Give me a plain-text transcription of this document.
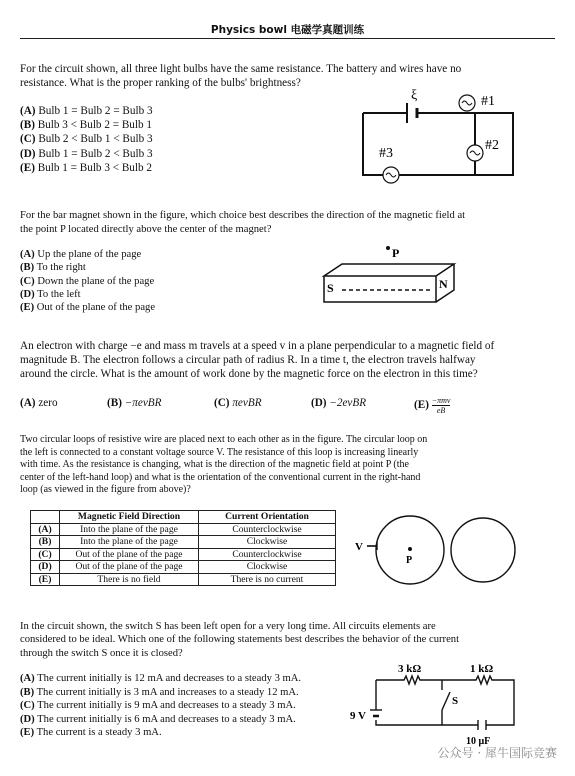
Physics bowl 电磁学真题训练
For the circuit shown, all three light bulbs have the same resistance. The battery and wires have no
resistance. What is the proper ranking of the bulbs' brightness?
(A) Bulb 1 = Bulb 2 = Bulb 3
(B) Bulb 3 < Bulb 2 = Bulb 1
(C) Bulb 2 < Bulb 1 < Bulb 3
(D) Bulb 1 = Bulb 2 < Bulb 3
(E) Bulb 1 = Bulb 3 < Bulb 2
ξ	#1
#2
#3
For the bar magnet shown in the figure, which choice best describes the direction of the magnetic field at
the point P located directly above the center of the magnet?
(A) Up the plane of the page
(B) To the right
(C) Down the plane of the page
(D) To the left
(E) Out of the plane of the page
P
S	N
An electron with charge −e and mass m travels at a speed v in a plane perpendicular to a magnetic field of
magnitude B. The electron follows a circular path of radius R. In a time t, the electron travels halfway
around the circle. What is the amount of work done by the magnetic force on the electron in this time?
(A) zero	(B) −πevBR	(C) πevBR	(D) −2evBR	(E) −πmv
eB
Two circular loops of resistive wire are placed next to each other as in the figure. The circular loop on
the left is connected to a constant voltage source V. The resistance of this loop is increasing linearly
with time. As the resistance is changing, what is the direction of the magnetic field at point P (the
center of the left-hand loop) and what is the orientation of the conventional current in the right-hand
loop (as viewed in the figure from above)?
	Magnetic Field Direction	Current Orientation
(A)	Into the plane of the page	Counterclockwise
(B)	Into the plane of the page	Clockwise
(C)	Out of the plane of the page	Counterclockwise
(D)	Out of the plane of the page	Clockwise
(E)	There is no field	There is no current
V
P
In the circuit shown, the switch S has been left open for a very long time. All circuits elements are
considered to be ideal. Which one of the following statements best describes the behavior of the current
through the switch S once it is closed?
(A) The current initially is 12 mA and decreases to a steady 3 mA.
(B) The current initially is 3 mA and increases to a steady 12 mA.
(C) The current initially is 9 mA and decreases to a steady 3 mA.
(D) The current initially is 6 mA and decreases to a steady 3 mA.
(E) The current is a steady 3 mA.
3 kΩ	1 kΩ
9 V
S
10 μF
公众号 · 犀牛国际竞赛
